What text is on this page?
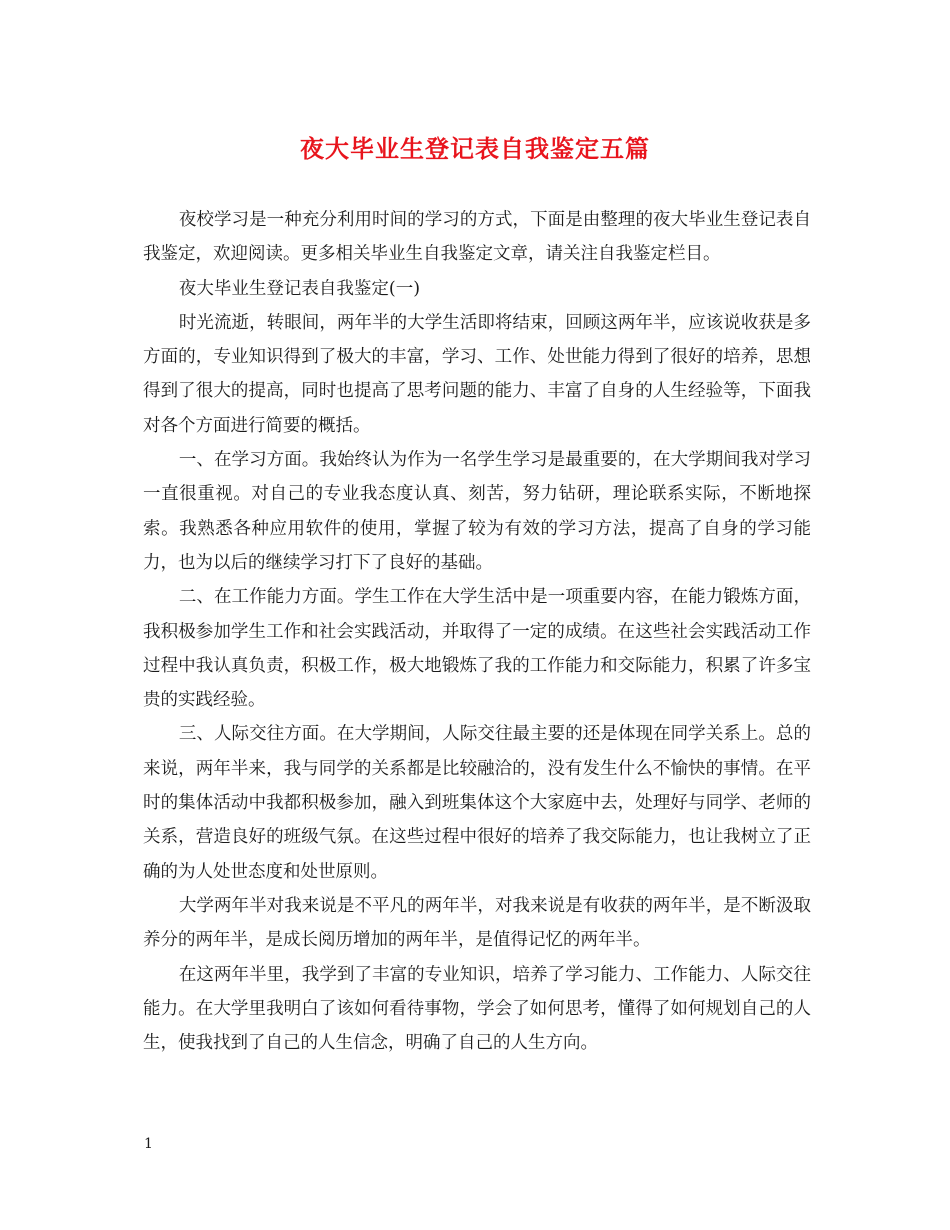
夜大毕业生登记表自我鉴定五篇

夜校学习是一种充分利用时间的学习的方式，下面是由整理的夜大毕业生登记表自我鉴定，欢迎阅读。更多相关毕业生自我鉴定文章，请关注自我鉴定栏目。

夜大毕业生登记表自我鉴定(一)

时光流逝，转眼间，两年半的大学生活即将结束，回顾这两年半，应该说收获是多方面的，专业知识得到了极大的丰富，学习、工作、处世能力得到了很好的培养，思想得到了很大的提高，同时也提高了思考问题的能力、丰富了自身的人生经验等，下面我对各个方面进行简要的概括。

一、在学习方面。我始终认为作为一名学生学习是最重要的，在大学期间我对学习一直很重视。对自己的专业我态度认真、刻苦，努力钻研，理论联系实际，不断地探索。我熟悉各种应用软件的使用，掌握了较为有效的学习方法，提高了自身的学习能力，也为以后的继续学习打下了良好的基础。

二、在工作能力方面。学生工作在大学生活中是一项重要内容，在能力锻炼方面，我积极参加学生工作和社会实践活动，并取得了一定的成绩。在这些社会实践活动工作过程中我认真负责，积极工作，极大地锻炼了我的工作能力和交际能力，积累了许多宝贵的实践经验。

三、人际交往方面。在大学期间，人际交往最主要的还是体现在同学关系上。总的来说，两年半来，我与同学的关系都是比较融洽的，没有发生什么不愉快的事情。在平时的集体活动中我都积极参加，融入到班集体这个大家庭中去，处理好与同学、老师的关系，营造良好的班级气氛。在这些过程中很好的培养了我交际能力，也让我树立了正确的为人处世态度和处世原则。

大学两年半对我来说是不平凡的两年半，对我来说是有收获的两年半，是不断汲取养分的两年半，是成长阅历增加的两年半，是值得记忆的两年半。

在这两年半里，我学到了丰富的专业知识，培养了学习能力、工作能力、人际交往能力。在大学里我明白了该如何看待事物，学会了如何思考，懂得了如何规划自己的人生，使我找到了自己的人生信念，明确了自己的人生方向。

1
